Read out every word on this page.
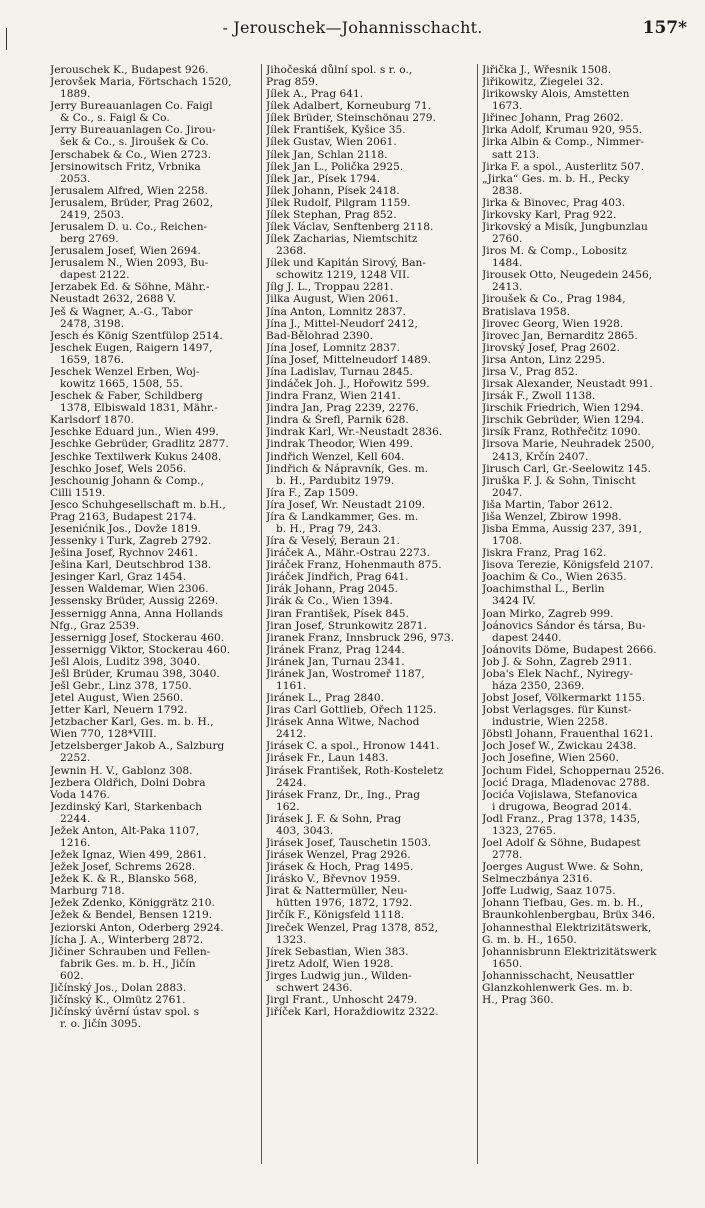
- Jerouschek—Johannisschacht.	157*
Jerouschek K., Budapest 926.
Jerovšek Maria, Förtschach 1520,
1889.
Jerry Bureauanlagen Co. Faigl
& Co., s. Faigl & Co.
Jerry Bureauanlagen Co. Jirou-
šek & Co., s. Jiroušek & Co.
Jerschabek & Co., Wien 2723.
Jersinowitsch Fritz, Vrbnika
2053.
Jerusalem Alfred, Wien 2258.
Jerusalem, Brüder, Prag 2602,
2419, 2503.
Jerusalem D. u. Co., Reichen-
berg 2769.
Jerusalem Josef, Wien 2694.
Jerusalem N., Wien 2093, Bu-
dapest 2122.
Jerzabek Ed. & Söhne, Mähr.-
Neustadt 2632, 2688 V.
Ješ & Wagner, A.-G., Tabor
2478, 3198.
Jesch és König Szentfülop 2514.
Jeschek Eugen, Raigern 1497,
1659, 1876.
Jeschek Wenzel Erben, Woj-
kowitz 1665, 1508, 55.
Jeschek & Faber, Schildberg
1378, Elbiswald 1831, Mähr.-
Karlsdorf 1870.
Jeschke Eduard jun., Wien 499.
Jeschke Gebrüder, Gradlitz 2877.
Jeschke Textilwerk Kukus 2408.
Jeschko Josef, Wels 2056.
Jeschounig Johann & Comp.,
Cilli 1519.
Jesco Schuhgesellschaft m. b.H.,
Prag 2163, Budapest 2174.
Jesenićnik Jos., Dovže 1819.
Jessenky i Turk, Zagreb 2792.
Ješina Josef, Rychnov 2461.
Ješina Karl, Deutschbrod 138.
Jesinger Karl, Graz 1454.
Jessen Waldemar, Wien 2306.
Jessensky Brüder, Aussig 2269.
Jessernigg Anna, Anna Hollands
Nfg., Graz 2539.
Jessernigg Josef, Stockerau 460.
Jessernigg Viktor, Stockerau 460.
Ješl Alois, Luditz 398, 3040.
Ješl Brüder, Krumau 398, 3040.
Ješl Gebr., Linz 378, 1750.
Jetel August, Wien 2560.
Jetter Karl, Neuern 1792.
Jetzbacher Karl, Ges. m. b. H.,
Wien 770, 128*VIII.
Jetzelsberger Jakob A., Salzburg
2252.
Jewnin H. V., Gablonz 308.
Jezbera Oldřich, Dolni Dobra
Voda 1476.
Jezdinský Karl, Starkenbach
2244.
Ježek Anton, Alt-Paka 1107,
1216.
Ježek Ignaz, Wien 499, 2861.
Ježek Josef, Schrems 2628.
Ježek K. & R., Blansko 568,
Marburg 718.
Ježek Zdenko, Königgrätz 210.
Ježek & Bendel, Bensen 1219.
Jeziorski Anton, Oderberg 2924.
Jícha J. A., Winterberg 2872.
Jičiner Schrauben und Fellen-
fabrik Ges. m. b. H., Jičín
602.
Jičínský Jos., Dolan 2883.
Jičínský K., Olmütz 2761.
Jičínský úvěrní ústav spol. s
r. o. Jičín 3095.
Jihočeská důlní spol. s r. o.,
Prag 859.
Jílek A., Prag 641.
Jílek Adalbert, Korneuburg 71.
Jílek Brüder, Steinschönau 279.
Jílek František, Kyšice 35.
Jílek Gustav, Wien 2061.
Jílek Jan, Schlan 2118.
Jílek Jan L., Polička 2925.
Jílek Jar., Písek 1794.
Jílek Johann, Písek 2418.
Jílek Rudolf, Pilgram 1159.
Jílek Stephan, Prag 852.
Jílek Václav, Senftenberg 2118.
Jílek Zacharias, Niemtschitz
2368.
Jílek und Kapitán Sirový, Ban-
schowitz 1219, 1248 VII.
Jílg J. L., Troppau 2281.
Jilka August, Wien 2061.
Jína Anton, Lomnitz 2837.
Jína J., Mittel-Neudorf 2412,
Bad-Bělohrad 2390.
Jína Josef, Lomnitz 2837.
Jína Josef, Mittelneudorf 1489.
Jína Ladislav, Turnau 2845.
Jindáček Joh. J., Hořowitz 599.
Jindra Franz, Wien 2141.
Jindra Jan, Prag 2239, 2276.
Jindra & Šrefl, Parnik 628.
Jindrak Karl, Wr.-Neustadt 2836.
Jindrak Theodor, Wien 499.
Jindřich Wenzel, Kell 604.
Jindřich & Nápravník, Ges. m.
b. H., Pardubitz 1979.
Jíra F., Zap 1509.
Jíra Josef, Wr. Neustadt 2109.
Jíra & Landkammer, Ges. m.
b. H., Prag 79, 243.
Jíra & Veselý, Beraun 21.
Jiráček A., Mähr.-Ostrau 2273.
Jiráček Franz, Hohenmauth 875.
Jiráček Jindřich, Prag 641.
Jirák Johann, Prag 2045.
Jirák & Co., Wien 1394.
Jiran František, Písek 845.
Jiran Josef, Strunkowitz 2871.
Jiranek Franz, Innsbruck 296, 973.
Jiránek Franz, Prag 1244.
Jiránek Jan, Turnau 2341.
Jiránek Jan, Wostromeř 1187,
1161.
Jiránek L., Prag 2840.
Jiras Carl Gottlieb, Ořech 1125.
Jirásek Anna Witwe, Nachod
2412.
Jirásek C. a spol., Hronow 1441.
Jirásek Fr., Laun 1483.
Jirásek František, Roth-Kosteletz
2424.
Jirásek Franz, Dr., Ing., Prag
162.
Jirásek J. F. & Sohn, Prag
403, 3043.
Jirásek Josef, Tauschetin 1503.
Jirásek Wenzel, Prag 2926.
Jirásek & Hoch, Prag 1495.
Jirásko V., Břevnov 1959.
Jirat & Nattermüller, Neu-
hütten 1976, 1872, 1792.
Jirčík F., Königsfeld 1118.
Jireček Wenzel, Prag 1378, 852,
1323.
Jírek Sebastian, Wien 383.
Jiretz Adolf, Wien 1928.
Jirges Ludwig jun., Wilden-
schwert 2436.
Jirgl Frant., Unhoscht 2479.
Jiříček Karl, Horaždiowitz 2322.
Jiřička J., Wřesnik 1508.
Jiřikowitz, Ziegelei 32.
Jirikowsky Alois, Amstetten
1673.
Jiřinec Johann, Prag 2602.
Jirka Adolf, Krumau 920, 955.
Jirka Albin & Comp., Nimmer-
satt 213.
Jirka F. a spol., Austerlitz 507.
„Jirka“ Ges. m. b. H., Pecky
2838.
Jirka & Binovec, Prag 403.
Jirkovsky Karl, Prag 922.
Jirkovský a Misík, Jungbunzlau
2760.
Jiros M. & Comp., Lobositz
1484.
Jirousek Otto, Neugedein 2456,
2413.
Jiroušek & Co., Prag 1984,
Bratislava 1958.
Jirovec Georg, Wien 1928.
Jirovec Jan, Bernarditz 2865.
Jirovský Josef, Prag 2602.
Jirsa Anton, Linz 2295.
Jirsa V., Prag 852.
Jirsak Alexander, Neustadt 991.
Jirsák F., Zwoll 1138.
Jirschik Friedrich, Wien 1294.
Jirschik Gebrüder, Wien 1294.
Jirsík Franz, Rothřečitz 1090.
Jirsova Marie, Neuhradek 2500,
2413, Krčín 2407.
Jirusch Carl, Gr.-Seelowitz 145.
Jiruška F. J. & Sohn, Tinischt
2047.
Jiša Martin, Tabor 2612.
Jiša Wenzel, Zbirow 1998.
Jisba Emma, Aussig 237, 391,
1708.
Jiskra Franz, Prag 162.
Jisova Terezie, Königsfeld 2107.
Joachim & Co., Wien 2635.
Joachimsthal L., Berlin
3424 IV.
Joan Mirko, Zagreb 999.
Joánovics Sándor és társa, Bu-
dapest 2440.
Joánovits Döme, Budapest 2666.
Job J. & Sohn, Zagreb 2911.
Joba's Elek Nachf., Nyiregy-
háza 2350, 2369.
Jobst Josef, Völkermarkt 1155.
Jobst Verlagsges. für Kunst-
industrie, Wien 2258.
Jöbstl Johann, Frauenthal 1621.
Joch Josef W., Zwickau 2438.
Joch Josefine, Wien 2560.
Jochum Fidel, Schoppernau 2526.
Jocić Draga, Mladenovac 2788.
Jocića Vojislawa, Stefanovica
i drugowa, Beograd 2014.
Jodl Franz., Prag 1378, 1435,
1323, 2765.
Joel Adolf & Söhne, Budapest
2778.
Joerges August Wwe. & Sohn,
Selmeczbánya 2316.
Joffe Ludwig, Saaz 1075.
Johann Tiefbau, Ges. m. b. H.,
Braunkohlenbergbau, Brüx 346.
Johannesthal Elektrizitätswerk,
G. m. b. H., 1650.
Johannisbrunn Elektrizitätswerk
1650.
Johannisschacht, Neusattler
Glanzkohlenwerk Ges. m. b.
H., Prag 360.
